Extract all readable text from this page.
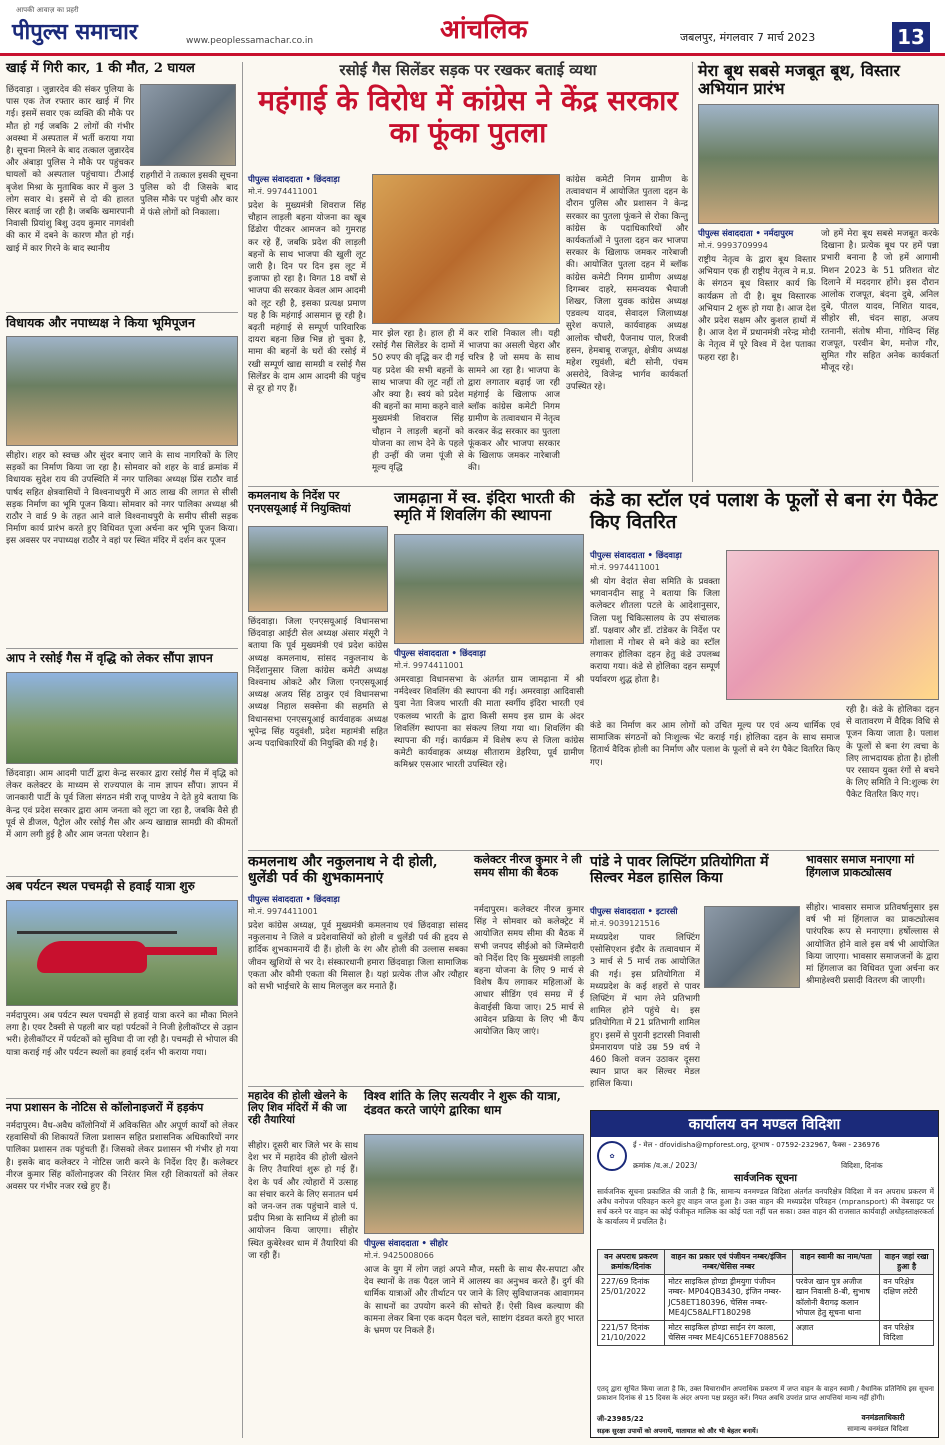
आपकी आवाज़ का प्रहरी
पीपुल्स समाचार	www.peoplessamachar.co.in	आंचलिक	जबलपुर, मंगलवार 7 मार्च 2023	13
खाई में गिरी कार, 1 की मौत, 2 घायल
छिंदवाड़ा । जुन्नारदेव की संकर पुलिया के पास एक तेज रफ्तार कार खाई में गिर गई। इसमें सवार एक व्यक्ति की मौके पर मौत हो गई जबकि 2 लोगों की गंभीर अवस्था में अस्पताल में भर्ती कराया गया है। सूचना मिलने के बाद तत्काल जुन्नारदेव और अंबाड़ा पुलिस ने मौके पर पहुंचकर घायलों को अस्पताल पहुंचाया। टीआई बृजेश मिश्रा के मुताबिक कार में कुल 3 लोग सवार थे। इसमें से दो की हालत सिरर बताई जा रही है। जबकि खमारपानी निवासी प्रियांशु बिशु उदय कुमार नागवंशी की कार में दबने के कारण मौत हो गई। खाई में कार गिरने के बाद स्थानीय
राहगीरों ने तत्काल इसकी सूचना पुलिस को दी जिसके बाद पुलिस मौके पर पहुंची और कार में फंसे लोगों को निकाला।
विधायक और नपाध्यक्ष ने किया भूमिपूजन
सीहोर। शहर को स्वच्छ और सुंदर बनाए जाने के साथ नागरिकों के लिए सड़कों का निर्माण किया जा रहा है। सोमवार को शहर के वार्ड क्रमांक में विधायक सुदेश राय की उपस्थिति में नगर पालिका अध्यक्ष प्रिंस राठौर वार्ड पार्षद सहित क्षेत्रवासियों ने विश्वनाथपुरी में आठ लाख की लागत से सीसी सड़क निर्माण का भूमि पूजन किया। सोमवार को नगर पालिका अध्यक्ष श्री राठौर ने वार्ड 9 के तहत आने वाले विश्वनाथपुरी के समीप सीसी सड़क निर्माण कार्य प्रारंभ करते हुए विधिवत पूजा अर्चना कर भूमि पूजन किया। इस अवसर पर नपाध्यक्ष राठौर ने वहां पर स्थित मंदिर में दर्शन कर पूजन
आप ने रसोई गैस में वृद्धि को लेकर सौंपा ज्ञापन
छिंदवाड़ा। आम आदमी पार्टी द्वारा केन्द्र सरकार द्वारा रसोई गैस में वृद्धि को लेकर कलेक्टर के माध्यम से राज्यपाल के नाम ज्ञापन सौंपा। ज्ञापन में जानकारी पार्टी के पूर्व जिला संगठन मंत्री राजू पाण्डेय ने देते हुये बताया कि केन्द्र एवं प्रदेश सरकार द्वारा आम जनता को लूटा जा रहा है, जबकि वैसे ही पूर्व से डीजल, पैट्रोल और रसोई गैस और अन्य खाद्यान्न सामग्री की कीमतों में आग लगी हुई है और आम जनता परेशान है।
अब पर्यटन स्थल पचमढ़ी से हवाई यात्रा शुरु
नर्मदापुरम। अब पर्यटन स्थल पचमढ़ी से हवाई यात्रा करने का मौका मिलने लगा है। एयर टैक्सी से पहली बार यहां पर्यटकों ने निजी हेलीकॉप्टर से उड़ान भरी। हेलीकॉप्टर में पर्यटकों को सुविधा दी जा रही है। पचमढ़ी से भोपाल की यात्रा कराई गई और पर्यटन स्थलों का हवाई दर्शन भी कराया गया।
नपा प्रशासन के नोटिस से कॉलोनाइजरों में हड़कंप
नर्मदापुरम। वैध-अवैध कॉलोनियों में अविकसित और अपूर्ण कार्यों को लेकर रहवासियों की शिकायतें जिला प्रशासन सहित प्रशासनिक अधिकारियों नगर पालिका प्रशासन तक पहुंचती हैं। जिसको लेकर प्रशासन भी गंभीर हो गया है। इसके बाद कलेक्टर ने नोटिस जारी करने के निर्देश दिए हैं। कलेक्टर नीरज कुमार सिंह कॉलोनाइजर की निरंतर मिल रही शिकायतों को लेकर अवसर पर गंभीर नजर रखे हुए हैं।
रसोई गैस सिलेंडर सड़क पर रखकर बताई व्यथा
महंगाई के विरोध में कांग्रेस ने केंद्र सरकार का फूंका पुतला
पीपुल्स संवाददाता • छिंदवाड़ा
मो.नं. 9974411001
प्रदेश के मुख्यमंत्री शिवराज सिंह चौहान लाड़ली बहना योजना का खूब ढिंढोरा पीटकर आमजन को गुमराह कर रहे हैं, जबकि प्रदेश की लाड़ली बहनों के साथ भाजपा की खुली लूट जारी है। दिन पर दिन इस लूट में इजाफा हो रहा है। विगत 18 वर्षों से भाजपा की सरकार केवल आम आदमी को लूट रही है, इसका प्रत्यक्ष प्रमाण यह है कि महंगाई आसमान छू रही है। बढ़ती महंगाई से सम्पूर्ण पारिवारिक दायरा बहना छिन्न भिन्न हो चुका है, मामा की बहनों के घरों की रसोई में रखी सम्पूर्ण खाद्य सामग्री व रसोई गैस सिलेंडर के दाम आम आदमी की पहुंच से दूर हो गए हैं।
मार झेल रहा है। हाल ही में रसोई गैस सिलेंडर के दामों में 50 रुपए की वृद्धि कर दी गई यह प्रदेश की सभी बहनों के साथ भाजपा की लूट नहीं तो और क्या है। स्वयं को प्रदेश की बहनों का मामा कहने वाले मुख्यमंत्री शिवराज सिंह चौहान ने लाड़ली बहनों को योजना का लाभ देने के पहले ही उन्हीं की जमा पूंजी से मूल्य वृद्धि
कर राशि निकाल ली। यही भाजपा का असली चेहरा और चरित्र है जो समय के साथ सामने आ रहा है। भाजपा के द्वारा लगातार बढ़ाई जा रही महंगाई के खिलाफ आज ब्लॉक कांग्रेस कमेटी निगम ग्रामीण के तत्वावधान में नेतृत्व करकर केंद्र सरकार का पुतला फूंककर और भाजपा सरकार के खिलाफ जमकर नारेबाजी की।
कांग्रेस कमेटी निगम ग्रामीण के तत्वावधान में आयोजित पुतला दहन के दौरान पुलिस और प्रशासन ने केन्द्र सरकार का पुतला फूंकने से रोका किन्तु कांग्रेस के पदाधिकारियों और कार्यकर्ताओं ने पुतला दहन कर भाजपा सरकार के खिलाफ जमकर नारेबाजी की। आयोजित पुतला दहन में ब्लॉक कांग्रेस कमेटी निगम ग्रामीण अध्यक्ष दिगम्बर दाहरे, समन्वयक भैयाजी शिखर, जिला युवक कांग्रेस अध्यक्ष एडवल्य यादव, सेवादल जिलाध्यक्ष सुरेश कपाले, कार्यवाहक अध्यक्ष आलोक चौधरी, पैजनाथ पाल, रिजवी हसन, हेमबाबू राजपूत, क्षेत्रीय अध्यक्ष महेश रघुवंशी, बंटी सोनी, पंचम असरोदे, विजेन्द्र भार्गव कार्यकर्ता उपस्थित रहे।
मेरा बूथ सबसे मजबूत बूथ, विस्तार अभियान प्रारंभ
पीपुल्स संवाददाता • नर्मदापुरम
मो.नं. 9993709994
राष्ट्रीय नेतृत्व के द्वारा बूथ विस्तार अभियान एक ही राष्ट्रीय नेतृत्व ने म.प्र. के संगठन बूथ विस्तार कार्य कि कार्यक्रम तो दी है। बूथ विस्तारक अभियान 2 शुरू हो गया है। आज देश और प्रदेश सक्षम और कुशल हाथों में है। आज देश में प्रधानमंत्री नरेन्द्र मोदी के नेतृत्व में पूरे विश्व में देश पताका फहरा रहा है।
जो हमें मेरा बूथ सबसे मजबूत करके दिखाना है। प्रत्येक बूथ पर हमें पन्ना प्रभारी बनाना है जो हमें आगामी मिशन 2023 के 51 प्रतिशत वोट दिलाने में मददगार होंगे। इस दौरान आलोक राजपूत, बंदना दुबे, अनिल दुबे, पीतल यादव, निशित यादव, सीहोर सी, चंदन साहा, अजय रतनानी, संतोष मीना, गोविन्द सिंह राजपूत, परवीन बेग, मनोज गौर, सुमित गौर सहित अनेक कार्यकर्ता मौजूद रहे।
कमलनाथ के निर्देश पर एनएसयूआई में नियुक्तियां
छिंदवाड़ा। जिला एनएसयूआई विधानसभा छिंदवाड़ा आईटी सेल अध्यक्ष अंसार मंसूरी ने बताया कि पूर्व मुख्यमंत्री एवं प्रदेश कांग्रेस अध्यक्ष कमलनाथ, सांसद नकुलनाथ के निर्देशानुसार जिला कांग्रेस कमेटी अध्यक्ष विश्वनाथ ओकटे और जिला एनएसयूआई अध्यक्ष अजय सिंह ठाकुर एवं विधानसभा अध्यक्ष निहाल सक्सेना की सहमति से विधानसभा एनएसयूआई कार्यवाहक अध्यक्ष भूपेन्द्र सिंह यदुवंशी, प्रदेश महामंत्री सहित अन्य पदाधिकारियों की नियुक्ति की गई है।
जामढ़ाना में स्व. इंदिरा भारती की स्मृति में शिवलिंग की स्थापना
पीपुल्स संवाददाता • छिंदवाड़ा
मो.नं. 9974411001
अमरवाड़ा विधानसभा के अंतर्गत ग्राम जामढ़ाना में श्री नर्मदेश्वर शिवलिंग की स्थापना की गई। अमरवाड़ा आदिवासी युवा नेता विजय भारती की माता स्वर्गीय इंदिरा भारती एवं एकलव्य भारती के द्वारा किसी समय इस ग्राम के अंदर शिवलिंग स्थापना का संकल्प लिया गया था। शिवलिंग की स्थापना की गई। कार्यक्रम में विशेष रूप से जिला कांग्रेस कमेटी कार्यवाहक अध्यक्ष सीताराम डेहरिया, पूर्व ग्रामीण कमिश्नर एसआर भारती उपस्थित रहे।
कंडे का स्टॉल एवं पलाश के फूलों से बना रंग पैकेट किए वितरित
पीपुल्स संवाददाता • छिंदवाड़ा
मो.नं. 9974411001
श्री योग वेदांत सेवा समिति के प्रवक्ता भगवानदीन साहू ने बताया कि जिला कलेक्टर शीतला पटले के आदेशानुसार, जिला पशु चिकित्सालय के उप संचालक डॉ. पक्षवार और डॉ. टांडेकर के निर्देश पर गोशाला में गोबर से बने कंडे का स्टॉल लगाकर होलिका दहन हेतु कंडे उपलब्ध कराया गया। कंडे से होलिका दहन सम्पूर्ण पर्यावरण शुद्ध होता है।
कंडे का निर्माण कर आम लोगों को उचित मूल्य पर एवं अन्य धार्मिक एवं सामाजिक संगठनों को निःशुल्क भेंट कराई गई। होलिका दहन के साथ समाज हितार्थ वैदिक होली का निर्माण और पलाश के फूलों से बने रंग पैकेट वितरित किए गए।
रही है। कंडे के होलिका दहन से वातावरण में वैदिक विधि से पूजन किया जाता है। पलाश के फूलों से बना रंग त्वचा के लिए लाभदायक होता है। होली पर रसायन युक्त रंगों से बचने के लिए समिति ने नि:शुल्क रंग पैकेट वितरित किए गए।
कमलनाथ और नकुलनाथ ने दी होली, धुलेंडी पर्व की शुभकामनाएं
पीपुल्स संवाददाता • छिंदवाड़ा
मो.नं. 9974411001
प्रदेश कांग्रेस अध्यक्ष, पूर्व मुख्यमंत्री कमलनाथ एवं छिंदवाड़ा सांसद नकुलनाथ ने जिले व प्रदेशवासियों को होली व धुलेंडी पर्व की हृदय से हार्दिक शुभकामनायें दी हैं। होली के रंग और होली की उल्लास सबका जीवन खुशियों से भर दे। संस्कारधानी हमारा छिंदवाड़ा जिला सामाजिक एकता और कौमी एकता की मिसाल है। यहां प्रत्येक तीज और त्यौहार को सभी भाईचारे के साथ मिलजुल कर मनाते हैं।
कलेक्टर नीरज कुमार ने ली समय सीमा की बैठक
नर्मदापुरम। कलेक्टर नीरज कुमार सिंह ने सोमवार को कलेक्ट्रेट में आयोजित समय सीमा की बैठक में सभी जनपद सीईओ को जिम्मेदारी को निर्देश दिए कि मुख्यमंत्री लाड़ली बहना योजना के लिए 9 मार्च से विशेष कैंप लगाकर महिलाओं के आधार सीडिंग एवं समग्र में ई केवाईसी किया जाए। 25 मार्च से आवेदन प्रक्रिया के लिए भी कैंप आयोजित किए जाएं।
पांडे ने पावर लिफ्टिंग प्रतियोगिता में सिल्वर मेडल हासिल किया
पीपुल्स संवाददाता • इटारसी
मो.नं. 9039121516
मध्यप्रदेश पावर लिफ्टिंग एसोसिएशन इंदौर के तत्वावधान में 3 मार्च से 5 मार्च तक आयोजित की गई। इस प्रतियोगिता में मध्यप्रदेश के कई शहरों से पावर लिफ्टिंग में भाग लेने प्रतिभागी शामिल होने पहुंचे थे। इस प्रतियोगिता में 21 प्रतिभागी शामिल हुए। इसमें से पुरानी इटारसी निवासी प्रेमनारायण पांडे उम्र 59 वर्ष ने 460 किलो वजन उठाकर दूसरा स्थान प्राप्त कर सिल्वर मेडल हासिल किया।
भावसार समाज मनाएगा मां हिंगलाज प्राकट्योत्सव
सीहोर। भावसार समाज प्रतिवर्षानुसार इस वर्ष भी मां हिंगलाज का प्राकट्योत्सव पारंपरिक रूप से मनाएगा। हर्षोल्लास से आयोजित होने वाले इस वर्ष भी आयोजित किया जाएगा। भावसार समाजजनों के द्वारा मां हिंगलाज का विधिवत पूजा अर्चना कर श्रीमाहेश्वरी प्रसादी वितरण की जाएगी।
महादेव की होली खेलने के लिए शिव मंदिरों में की जा रही तैयारियां
सीहोर। दूसरी बार जिले भर के साथ देश भर में महादेव की होली खेलने के लिए तैयारियां शुरू हो गई हैं। देश के पर्व और त्योहारों में उत्साह का संचार करने के लिए सनातन धर्म को जन-जन तक पहुंचाने वाले पं. प्रदीप मिश्रा के सानिध्य में होली का आयोजन किया जाएगा। सीहोर स्थित कुबेरेश्वर धाम में तैयारियां की जा रही हैं।
विश्व शांति के लिए सत्यवीर ने शुरू की यात्रा, दंडवत करते जाएंगे द्वारिका धाम
पीपुल्स संवाददाता • सीहोर
मो.नं. 9425008066
आज के युग में लोग जहां अपने मौज, मस्ती के साथ सैर-सपाटा और देव स्थानों के तक पैदल जाने में आलस्य का अनुभव करते हैं। दुर्ग की धार्मिक यात्राओं और तीर्थाटन पर जाने के लिए सुविधाजनक आवागमन के साधनों का उपयोग करने की सोचते हैं। ऐसी विश्व कल्याण की कामना लेकर बिना एक कदम पैदल चले, साष्टांग दंडवत करते हुए भारत के भ्रमण पर निकले हैं।
कार्यालय वन मण्डल विदिशा
✿
ई - मेल - dfovidisha@mpforest.org, दूरभाष - 07592-232967, फैक्स - 236976
क्रमांक /व.अ./ 2023/	विदिशा, दिनांक
सार्वजनिक सूचना
सार्वजनिक सूचना प्रकाशित की जाती है कि, सामान्य वनमण्डल विदिशा अंतर्गत वनपरिक्षेत्र विदिशा में वन अपराध प्रकरण में अवैध वनोपज परिवहन करने हुए वाहन जप्त हुआ है। उक्त वाहन की मध्यप्रदेश परिवहन (mpransport) की वेबसाइट पर सर्च करने पर वाहन का कोई पंजीकृत मालिक का कोई पता नहीं चल सका। उक्त वाहन की राजसात कार्यवाही अधोहस्ताक्षरकर्ता के कार्यालय में प्रचलित है।
वन अपराध प्रकरण क्रमांक/दिनांक	वाहन का प्रकार एवं पंजीयन नम्बर/इंजिन नम्बर/चेसिस नम्बर	वाहन स्वामी का नाम/पता	वाहन जहां रखा हुआ है
227/69 दिनांक 25/01/2022	मोटर साइकिल होण्डा ड्रीमयुगा पंजीयन नम्बर- MP04QB3430, इंजिन नम्बर- JC58ET180396, चेसिस नम्बर- ME4JC58ALFT180298	परवेज खान पुत्र अजीज खान निवासी 8-बी, सुभाष कॉलोनी बैरागढ़ कलान भोपाल हेतु सूचना थाना	वन परिक्षेत्र दक्षिण लटेरी
221/57 दिनांक 21/10/2022	मोटर साइकिल होण्डा साईन रंग काला, चेसिस नम्बर ME4JC651EF7088562	अज्ञात	वन परिक्षेत्र विदिशा
एतद् द्वारा सूचित किया जाता है कि, उक्त विचाराधीन अपराधिक प्रकरण में जप्त वाहन के वाहन स्वामी / वैधानिक प्रतिनिधि इस सूचना प्रकाशन दिनांक से 15 दिवस के अंदर अपना पक्ष प्रस्तुत करें। नियत अवधि उपरांत प्राप्त आपत्तियां मान्य नहीं होंगी।
जी-23985/22
सड़क सुरक्षा उपायों को अपनायें, यातायात को और भी बेहतर बनायें।
वनमंडलाधिकारी
सामान्य वनमंडल विदिशा
